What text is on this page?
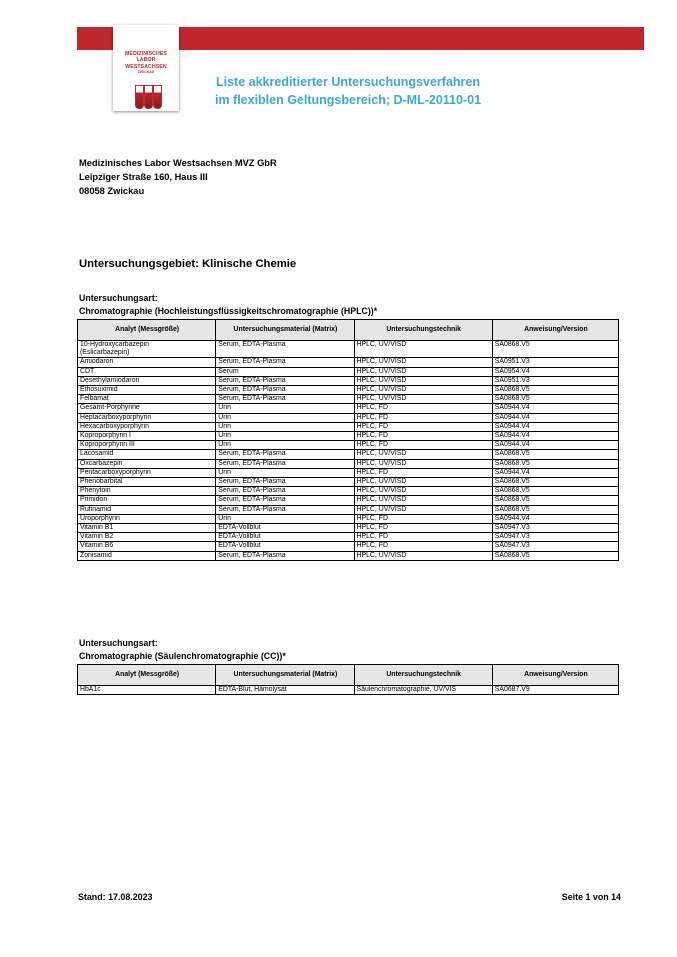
MEDIZINISCHES
LABOR
WESTSACHSEN
ZWICKAU
Liste akkreditierter Untersuchungsverfahren
im flexiblen Geltungsbereich; D-ML-20110-01
Medizinisches Labor Westsachsen MVZ GbR
Leipziger Straße 160, Haus III
08058 Zwickau
Untersuchungsgebiet: Klinische Chemie
Untersuchungsart:
Chromatographie (Hochleistungsflüssigkeitschromatographie (HPLC))*
Analyt (Messgröße)	Untersuchungsmaterial (Matrix)	Untersuchungstechnik	Anweisung/Version
10-Hydroxycarbazepin
(Eslicarbazepin)	Serum, EDTA-Plasma	HPLC, UV/VISD	SA0868.V5
Amiodaron	Serum, EDTA-Plasma	HPLC, UV/VISD	SA0951.V3
CDT	Serum	HPLC, UV/VISD	SA0954.V4
Desethylamiodaron	Serum, EDTA-Plasma	HPLC, UV/VISD	SA0951.V3
Ethosuximid	Serum, EDTA-Plasma	HPLC, UV/VISD	SA0868.V5
Felbamat	Serum, EDTA-Plasma	HPLC, UV/VISD	SA0868.V5
Gesamt-Porphyrine	Urin	HPLC, FD	SA0944.V4
Heptacarboxyporphyrin	Urin	HPLC, FD	SA0944.V4
Hexacarboxyporphyrin	Urin	HPLC, FD	SA0944.V4
Koproporphyrin I	Urin	HPLC, FD	SA0944.V4
Koproporphyrin III	Urin	HPLC, FD	SA0944.V4
Lacosamid	Serum, EDTA-Plasma	HPLC, UV/VISD	SA0868.V5
Oxcarbazepin	Serum, EDTA-Plasma	HPLC, UV/VISD	SA0868.V5
Pentacarboxyporphyrin	Urin	HPLC, FD	SA0944.V4
Phenobarbital	Serum, EDTA-Plasma	HPLC, UV/VISD	SA0868.V5
Phenytoin	Serum, EDTA-Plasma	HPLC, UV/VISD	SA0868.V5
Primidon	Serum, EDTA-Plasma	HPLC, UV/VISD	SA0868.V5
Rufinamid	Serum, EDTA-Plasma	HPLC, UV/VISD	SA0868.V5
Uroporphyrin	Urin	HPLC, FD	SA0944.V4
Vitamin B1	EDTA-Vollblut	HPLC, FD	SA0947.V3
Vitamin B2	EDTA-Vollblut	HPLC, FD	SA0947.V3
Vitamin B6	EDTA-Vollblut	HPLC, FD	SA0947.V3
Zonisamid	Serum, EDTA-Plasma	HPLC, UV/VISD	SA0868.V5
Untersuchungsart:
Chromatographie (Säulenchromatographie (CC))*
Analyt (Messgröße)	Untersuchungsmaterial (Matrix)	Untersuchungstechnik	Anweisung/Version
HbA1c	EDTA-Blut, Hämolysat	Säulenchromatographie, UV/VIS	SA0687.V9
Stand: 17.08.2023	Seite 1 von 14
